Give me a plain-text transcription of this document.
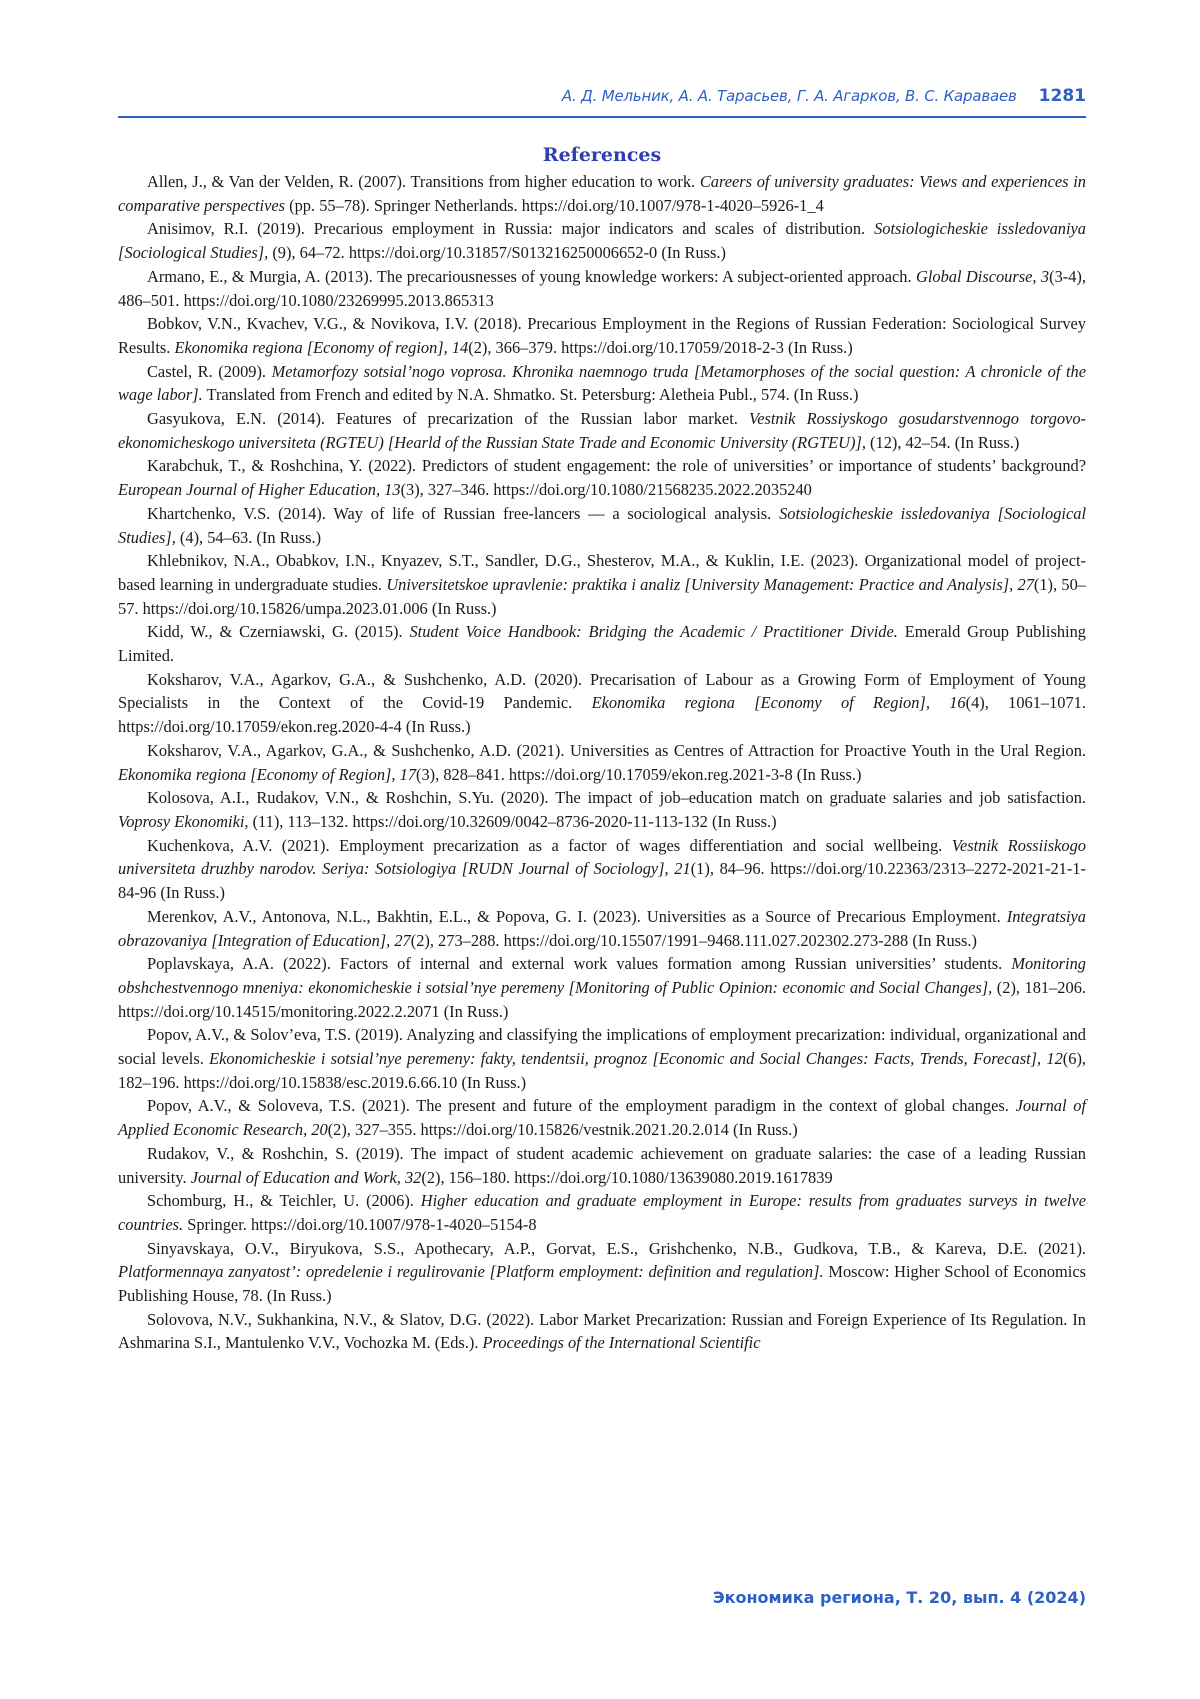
А. Д. Мельник, А. А. Тарасьев, Г. А. Агарков, В. С. Караваев 1281
References

Allen, J., & Van der Velden, R. (2007). Transitions from higher education to work. Careers of university graduates: Views and experiences in comparative perspectives (pp. 55–78). Springer Netherlands. https://doi.org/10.1007/978-1-4020–5926-1_4

Anisimov, R.I. (2019). Precarious employment in Russia: major indicators and scales of distribution. Sotsiologicheskie issledovaniya [Sociological Studies], (9), 64–72. https://doi.org/10.31857/S013216250006652-0 (In Russ.)

Armano, E., & Murgia, A. (2013). The precariousnesses of young knowledge workers: A subject-oriented approach. Global Discourse, 3(3-4), 486–501. https://doi.org/10.1080/23269995.2013.865313

Bobkov, V.N., Kvachev, V.G., & Novikova, I.V. (2018). Precarious Employment in the Regions of Russian Federation: Sociological Survey Results. Ekonomika regiona [Economy of region], 14(2), 366–379. https://doi.org/10.17059/2018-2-3 (In Russ.)

Castel, R. (2009). Metamorfozy sotsial’nogo voprosa. Khronika naemnogo truda [Metamorphoses of the social question: A chronicle of the wage labor]. Translated from French and edited by N.A. Shmatko. St. Petersburg: Aletheia Publ., 574. (In Russ.)

Gasyukova, E.N. (2014). Features of precarization of the Russian labor market. Vestnik Rossiyskogo gosudarstvennogo torgovo-ekonomicheskogo universiteta (RGTEU) [Hearld of the Russian State Trade and Economic University (RGTEU)], (12), 42–54. (In Russ.)

Karabchuk, T., & Roshchina, Y. (2022). Predictors of student engagement: the role of universities’ or importance of students’ background? European Journal of Higher Education, 13(3), 327–346. https://doi.org/10.1080/21568235.2022.2035240

Khartchenko, V.S. (2014). Way of life of Russian free-lancers — a sociological analysis. Sotsiologicheskie issledovaniya [Sociological Studies], (4), 54–63. (In Russ.)

Khlebnikov, N.A., Obabkov, I.N., Knyazev, S.T., Sandler, D.G., Shesterov, M.A., & Kuklin, I.E. (2023). Organizational model of project-based learning in undergraduate studies. Universitetskoe upravlenie: praktika i analiz [University Management: Practice and Analysis], 27(1), 50–57. https://doi.org/10.15826/umpa.2023.01.006 (In Russ.)

Kidd, W., & Czerniawski, G. (2015). Student Voice Handbook: Bridging the Academic / Practitioner Divide. Emerald Group Publishing Limited.

Koksharov, V.A., Agarkov, G.A., & Sushchenko, A.D. (2020). Precarisation of Labour as a Growing Form of Employment of Young Specialists in the Context of the Covid-19 Pandemic. Ekonomika regiona [Economy of Region], 16(4), 1061–1071. https://doi.org/10.17059/ekon.reg.2020-4-4 (In Russ.)

Koksharov, V.A., Agarkov, G.A., & Sushchenko, A.D. (2021). Universities as Centres of Attraction for Proactive Youth in the Ural Region. Ekonomika regiona [Economy of Region], 17(3), 828–841. https://doi.org/10.17059/ekon.reg.2021-3-8 (In Russ.)

Kolosova, A.I., Rudakov, V.N., & Roshchin, S.Yu. (2020). The impact of job–education match on graduate salaries and job satisfaction. Voprosy Ekonomiki, (11), 113–132. https://doi.org/10.32609/0042–8736-2020-11-113-132 (In Russ.)

Kuchenkova, A.V. (2021). Employment precarization as a factor of wages differentiation and social wellbeing. Vestnik Rossiiskogo universiteta druzhby narodov. Seriya: Sotsiologiya [RUDN Journal of Sociology], 21(1), 84–96. https://doi.org/10.22363/2313–2272-2021-21-1-84-96 (In Russ.)

Merenkov, A.V., Antonova, N.L., Bakhtin, E.L., & Popova, G. I. (2023). Universities as a Source of Precarious Employment. Integratsiya obrazovaniya [Integration of Education], 27(2), 273–288. https://doi.org/10.15507/1991–9468.111.027.202302.273-288 (In Russ.)

Poplavskaya, A.A. (2022). Factors of internal and external work values formation among Russian universities’ students. Monitoring obshchestvennogo mneniya: ekonomicheskie i sotsial’nye peremeny [Monitoring of Public Opinion: economic and Social Changes], (2), 181–206. https://doi.org/10.14515/monitoring.2022.2.2071 (In Russ.)

Popov, A.V., & Solov’eva, T.S. (2019). Analyzing and classifying the implications of employment precarization: individual, organizational and social levels. Ekonomicheskie i sotsial’nye peremeny: fakty, tendentsii, prognoz [Economic and Social Changes: Facts, Trends, Forecast], 12(6), 182–196. https://doi.org/10.15838/esc.2019.6.66.10 (In Russ.)

Popov, A.V., & Soloveva, T.S. (2021). The present and future of the employment paradigm in the context of global changes. Journal of Applied Economic Research, 20(2), 327–355. https://doi.org/10.15826/vestnik.2021.20.2.014 (In Russ.)

Rudakov, V., & Roshchin, S. (2019). The impact of student academic achievement on graduate salaries: the case of a leading Russian university. Journal of Education and Work, 32(2), 156–180. https://doi.org/10.1080/13639080.2019.1617839

Schomburg, H., & Teichler, U. (2006). Higher education and graduate employment in Europe: results from graduates surveys in twelve countries. Springer. https://doi.org/10.1007/978-1-4020–5154-8

Sinyavskaya, O.V., Biryukova, S.S., Apothecary, A.P., Gorvat, E.S., Grishchenko, N.B., Gudkova, T.B., & Kareva, D.E. (2021). Platformennaya zanyatost’: opredelenie i regulirovanie [Platform employment: definition and regulation]. Moscow: Higher School of Economics Publishing House, 78. (In Russ.)

Solovova, N.V., Sukhankina, N.V., & Slatov, D.G. (2022). Labor Market Precarization: Russian and Foreign Experience of Its Regulation. In Ashmarina S.I., Mantulenko V.V., Vochozka M. (Eds.). Proceedings of the International Scientific

Экономика региона, Т. 20, вып. 4 (2024)
